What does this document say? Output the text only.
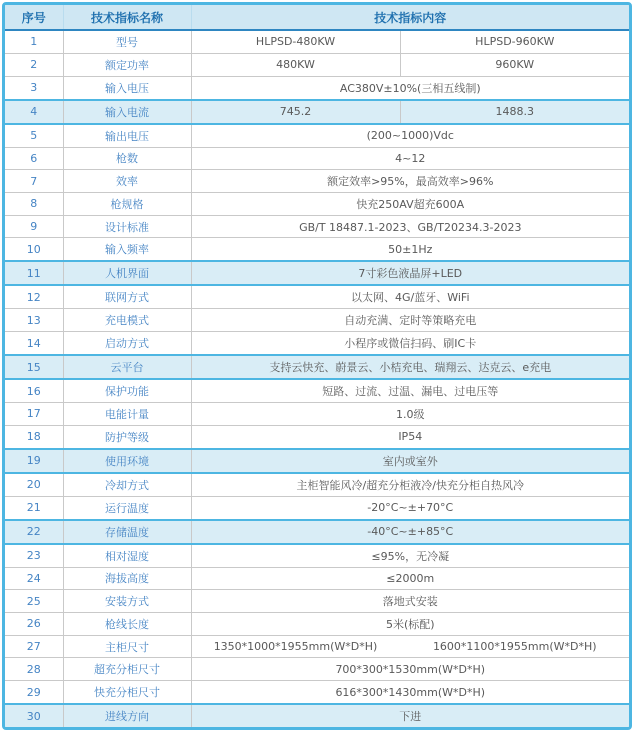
序号	技术指标名称	技术指标内容	
1	型号	HLPSD-480KW	HLPSD-960KW
2	额定功率	480KW	960KW
3	输入电压	AC380V±10%(三相五线制)	
4	输入电流	745.2	1488.3
5	输出电压	(200~1000)Vdc	
6	枪数	4~12	
7	效率	额定效率>95%，最高效率>96%	
8	枪规格	快充250AV超充600A	
9	设计标准	GB/T 18487.1-2023、GB/T20234.3-2023	
10	输入频率	50±1Hz	
11	人机界面	7寸彩色液晶屏+LED	
12	联网方式	以太网、4G/蓝牙、WiFi	
13	充电模式	自动充满、定时等策略充电	
14	启动方式	小程序或微信扫码、刷IC卡	
15	云平台	支持云快充、蔚景云、小桔充电、瑞翔云、达克云、e充电	
16	保护功能	短路、过流、过温、漏电、过电压等	
17	电能计量	1.0级	
18	防护等级	IP54	
19	使用环境	室内或室外	
20	冷却方式	主柜智能风冷/超充分柜液冷/快充分柜自热风冷	
21	运行温度	-20°C~±+70°C	
22	存储温度	-40°C~±+85°C	
23	相对湿度	≤95%，无冷凝	
24	海拔高度	≤2000m	
25	安装方式	落地式安装	
26	枪线长度	5米(标配)	
27	主柜尺寸	1350*1000*1955mm(W*D*H)	1600*1100*1955mm(W*D*H)
28	超充分柜尺寸	700*300*1530mm(W*D*H)	
29	快充分柜尺寸	616*300*1430mm(W*D*H)	
30	进线方向	下进	
